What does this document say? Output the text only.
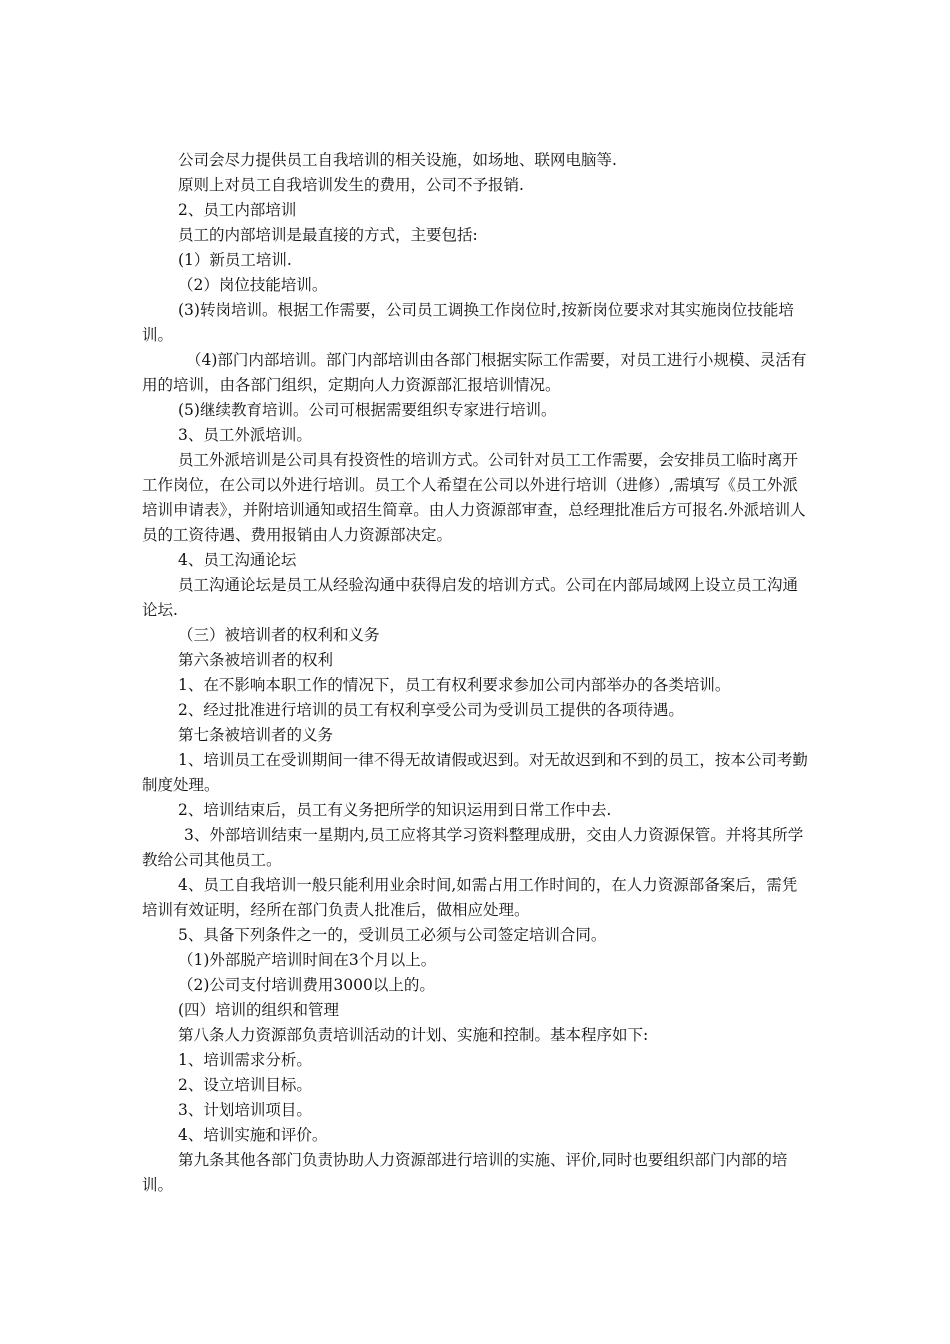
公司会尽力提供员工自我培训的相关设施，如场地、联网电脑等.

原则上对员工自我培训发生的费用，公司不予报销.

2、员工内部培训

员工的内部培训是最直接的方式，主要包括:

(1）新员工培训.

（2）岗位技能培训。

(3)转岗培训。根据工作需要，公司员工调换工作岗位时,按新岗位要求对其实施岗位技能培训。

（4)部门内部培训。部门内部培训由各部门根据实际工作需要，对员工进行小规模、灵活有用的培训，由各部门组织，定期向人力资源部汇报培训情况。

(5)继续教育培训。公司可根据需要组织专家进行培训。

3、员工外派培训。

员工外派培训是公司具有投资性的培训方式。公司针对员工工作需要，会安排员工临时离开工作岗位，在公司以外进行培训。员工个人希望在公司以外进行培训（进修）,需填写《员工外派培训申请表》，并附培训通知或招生简章。由人力资源部审查，总经理批准后方可报名.外派培训人员的工资待遇、费用报销由人力资源部决定。

4、员工沟通论坛

员工沟通论坛是员工从经验沟通中获得启发的培训方式。公司在内部局域网上设立员工沟通论坛.

（三）被培训者的权利和义务

第六条被培训者的权利

1、在不影响本职工作的情况下，员工有权利要求参加公司内部举办的各类培训。

2、经过批准进行培训的员工有权利享受公司为受训员工提供的各项待遇。

第七条被培训者的义务

1、培训员工在受训期间一律不得无故请假或迟到。对无故迟到和不到的员工，按本公司考勤制度处理。

2、培训结束后，员工有义务把所学的知识运用到日常工作中去.

3、外部培训结束一星期内,员工应将其学习资料整理成册，交由人力资源保管。并将其所学教给公司其他员工。

4、员工自我培训一般只能利用业余时间,如需占用工作时间的，在人力资源部备案后，需凭培训有效证明，经所在部门负责人批准后，做相应处理。

5、具备下列条件之一的，受训员工必须与公司签定培训合同。

（1)外部脱产培训时间在3个月以上。

（2)公司支付培训费用3000以上的。

(四）培训的组织和管理

第八条人力资源部负责培训活动的计划、实施和控制。基本程序如下:

1、培训需求分析。

2、设立培训目标。

3、计划培训项目。

4、培训实施和评价。

第九条其他各部门负责协助人力资源部进行培训的实施、评价,同时也要组织部门内部的培训。
